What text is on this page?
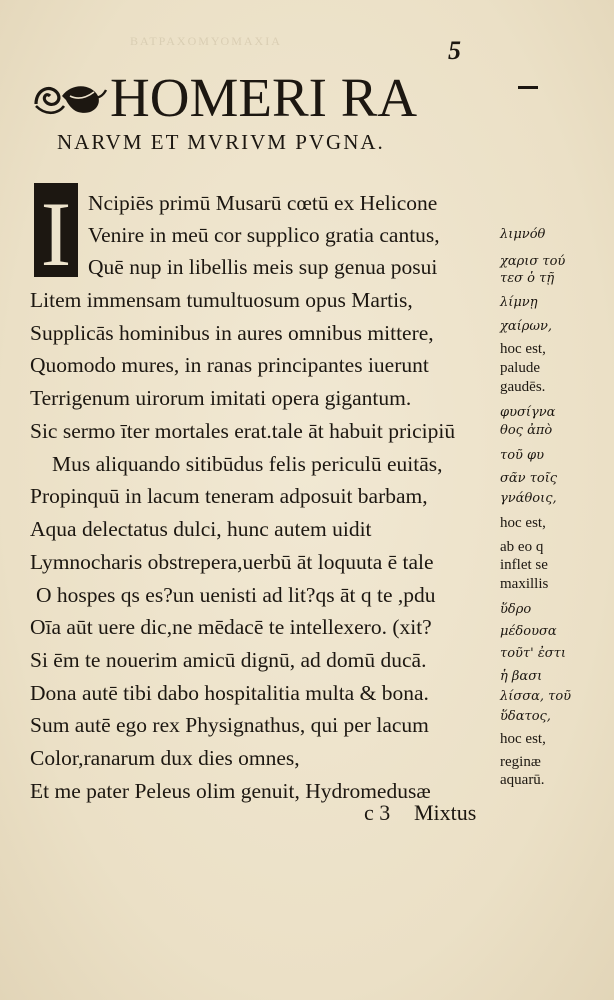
ΒΑΤΡΑΧΟΜΥΟΜΑΧΙΑ	5
HOMERI RA
NARVM ET MVRIVM PVGNA.
I Ncipiēs primū Musarū cœtū ex Helicone
Venire in meū cor supplico gratia cantus,
Quē nup in libellis meis sup genua posui
Litem immensam tumultuosum opus Martis,
Supplicās hominibus in aures omnibus mittere,
Quomodo mures, in ranas principantes iuerunt
Terrigenum uirorum imitati opera gigantum.
Sic sermo īter mortales erat.tale āt habuit pricipiū
Mus aliquando sitibūdus felis periculū euitās,
Propinquū in lacum teneram adposuit barbam,
Aqua delectatus dulci, hunc autem uidit
Lymnocharis obstrepera,uerbū āt loquuta ē tale
O hospes qs es?un uenisti ad lit?qs āt q te ,pdu
Oīa aūt uere dic,ne mēdacē te intellexero. (xit?
Si ēm te nouerim amicū dignū, ad domū ducā.
Dona autē tibi dabo hospitalitia multa & bona.
Sum autē ego rex Physignathus, qui per lacum
Color,ranarum dux dies omnes,
Et me pater Peleus olim genuit, Hydromedusæ
c 3 Mixtus
λιμνόθ
χαρισ τού
τεσ ὁ τῇ
λίμνῃ
χαίρων,
hoc est,
palude
gaudēs.
φυσίγνα
θος ἀπὸ
τοῦ φυ
σᾶν τοῖς
γνάθοις,
hoc est,
ab eo q
inflet se
maxillis
ὕδρο
μέδουσα
τοῦτ' ἐστι
ἡ βασι
λίσσα, τοῦ
ὕδατος,
hoc est,
reginæ
aquarū.
